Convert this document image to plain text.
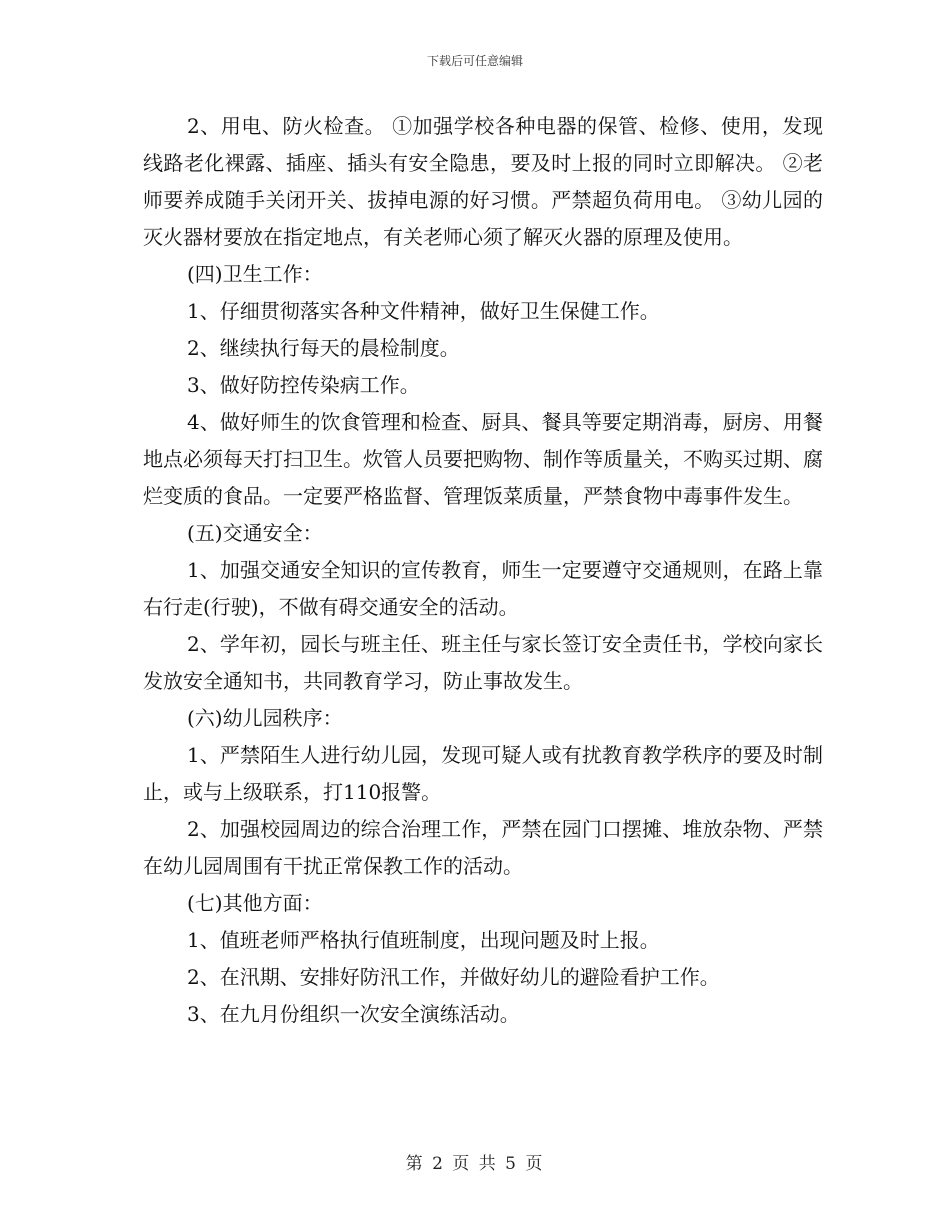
下载后可任意编辑

2、用电、防火检查。 ①加强学校各种电器的保管、检修、使用，发现线路老化裸露、插座、插头有安全隐患，要及时上报的同时立即解决。 ②老师要养成随手关闭开关、拔掉电源的好习惯。严禁超负荷用电。 ③幼儿园的灭火器材要放在指定地点，有关老师心须了解灭火器的原理及使用。

(四)卫生工作：

1、仔细贯彻落实各种文件精神，做好卫生保健工作。

2、继续执行每天的晨检制度。

3、做好防控传染病工作。

4、做好师生的饮食管理和检查、厨具、餐具等要定期消毒，厨房、用餐地点必须每天打扫卫生。炊管人员要把购物、制作等质量关，不购买过期、腐烂变质的食品。一定要严格监督、管理饭菜质量，严禁食物中毒事件发生。

(五)交通安全：

1、加强交通安全知识的宣传教育，师生一定要遵守交通规则，在路上靠右行走(行驶)，不做有碍交通安全的活动。

2、学年初，园长与班主任、班主任与家长签订安全责任书，学校向家长发放安全通知书，共同教育学习，防止事故发生。

(六)幼儿园秩序：

1、严禁陌生人进行幼儿园，发现可疑人或有扰教育教学秩序的要及时制止，或与上级联系，打110报警。

2、加强校园周边的综合治理工作，严禁在园门口摆摊、堆放杂物、严禁在幼儿园周围有干扰正常保教工作的活动。

(七)其他方面：

1、值班老师严格执行值班制度，出现问题及时上报。

2、在汛期、安排好防汛工作，并做好幼儿的避险看护工作。

3、在九月份组织一次安全演练活动。

第 2 页 共 5 页
